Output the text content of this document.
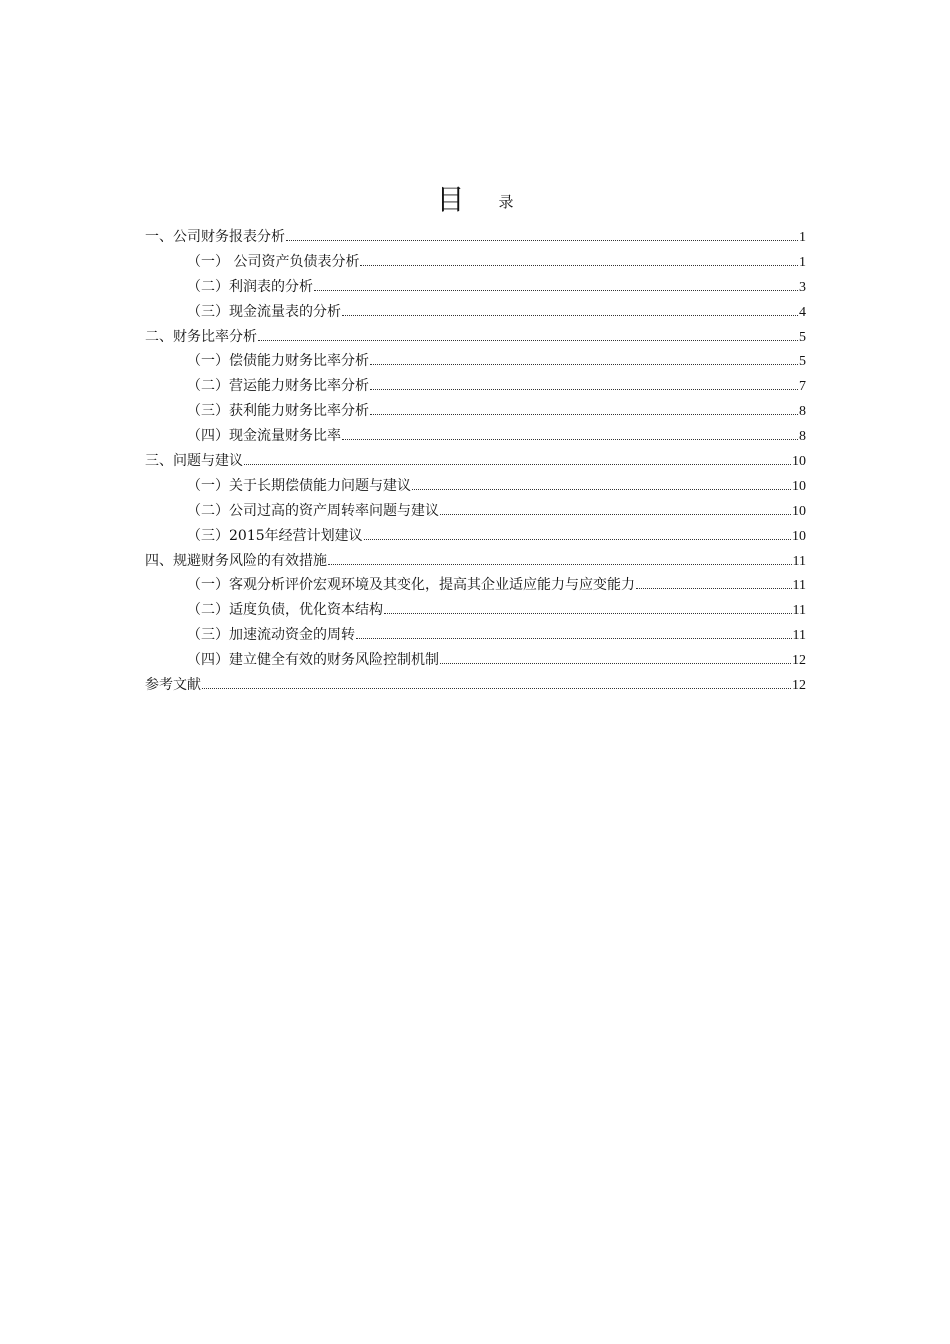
目 录
一、公司财务报表分析	1
（一） 公司资产负债表分析	1
（二）利润表的分析	3
（三）现金流量表的分析	4
二、财务比率分析	5
（一）偿债能力财务比率分析	5
（二）营运能力财务比率分析	7
（三）获利能力财务比率分析	8
（四）现金流量财务比率	8
三、问题与建议	10
（一）关于长期偿债能力问题与建议	10
（二）公司过高的资产周转率问题与建议	10
（三）2015年经营计划建议	10
四、规避财务风险的有效措施	11
（一）客观分析评价宏观环境及其变化，提高其企业适应能力与应变能力	11
（二）适度负债，优化资本结构	11
（三）加速流动资金的周转	11
（四）建立健全有效的财务风险控制机制	12
参考文献	12
